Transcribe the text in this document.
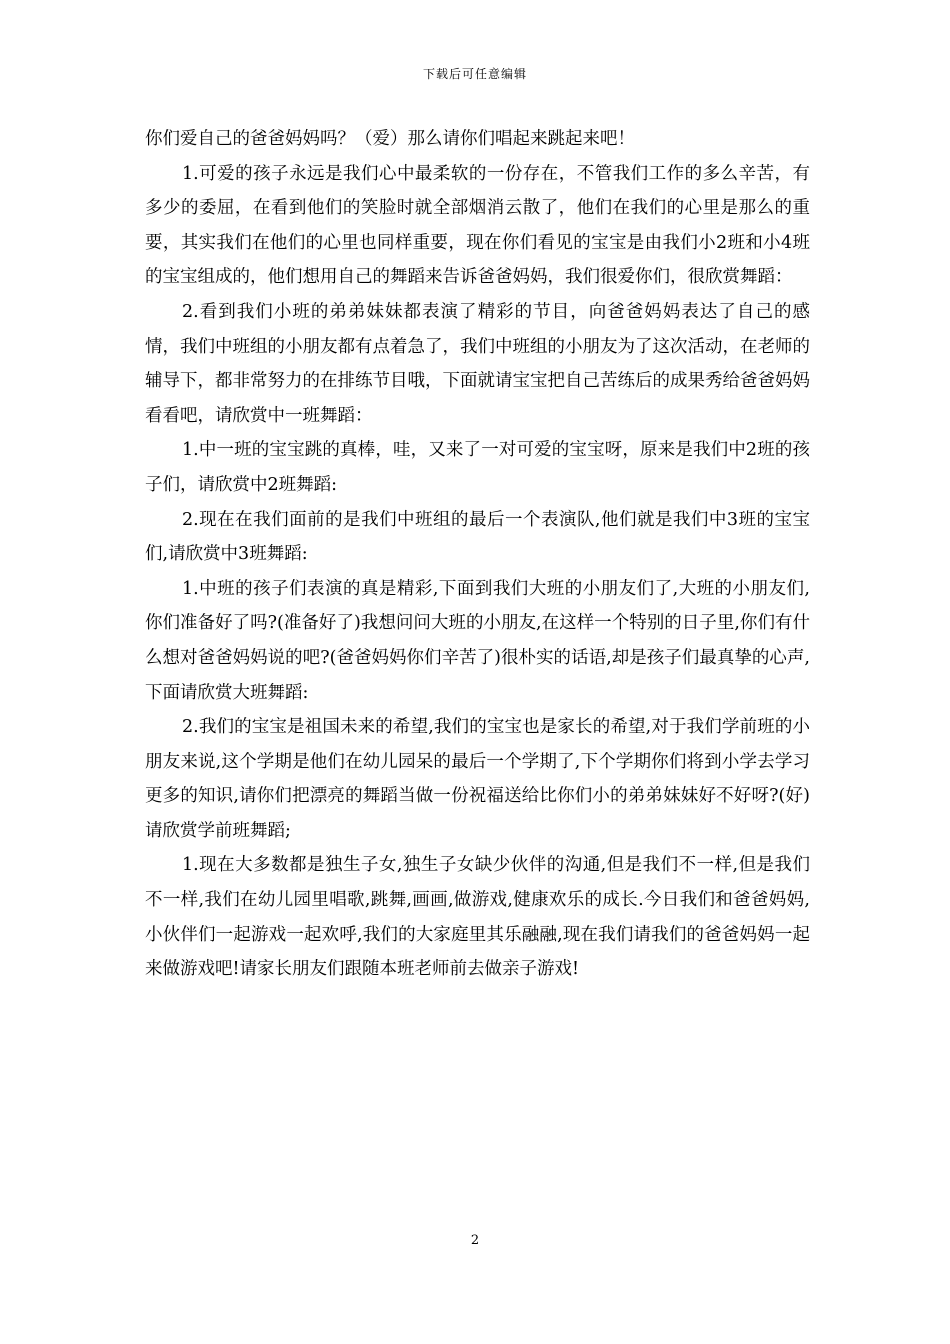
下载后可任意编辑

你们爱自己的爸爸妈妈吗？（爱）那么请你们唱起来跳起来吧！

1.可爱的孩子永远是我们心中最柔软的一份存在，不管我们工作的多么辛苦，有多少的委屈，在看到他们的笑脸时就全部烟消云散了，他们在我们的心里是那么的重要，其实我们在他们的心里也同样重要，现在你们看见的宝宝是由我们小2班和小4班的宝宝组成的，他们想用自己的舞蹈来告诉爸爸妈妈，我们很爱你们，很欣赏舞蹈：

2.看到我们小班的弟弟妹妹都表演了精彩的节目，向爸爸妈妈表达了自己的感情，我们中班组的小朋友都有点着急了，我们中班组的小朋友为了这次活动，在老师的辅导下，都非常努力的在排练节目哦，下面就请宝宝把自己苦练后的成果秀给爸爸妈妈看看吧，请欣赏中一班舞蹈：

1.中一班的宝宝跳的真棒，哇，又来了一对可爱的宝宝呀，原来是我们中2班的孩子们，请欣赏中2班舞蹈:

2.现在在我们面前的是我们中班组的最后一个表演队,他们就是我们中3班的宝宝们,请欣赏中3班舞蹈:

1.中班的孩子们表演的真是精彩,下面到我们大班的小朋友们了,大班的小朋友们,你们准备好了吗?(准备好了)我想问问大班的小朋友,在这样一个特别的日子里,你们有什么想对爸爸妈妈说的吧?(爸爸妈妈你们辛苦了)很朴实的话语,却是孩子们最真挚的心声,下面请欣赏大班舞蹈:

2.我们的宝宝是祖国未来的希望,我们的宝宝也是家长的希望,对于我们学前班的小朋友来说,这个学期是他们在幼儿园呆的最后一个学期了,下个学期你们将到小学去学习更多的知识,请你们把漂亮的舞蹈当做一份祝福送给比你们小的弟弟妹妹好不好呀?(好)请欣赏学前班舞蹈;

1.现在大多数都是独生子女,独生子女缺少伙伴的沟通,但是我们不一样,但是我们不一样,我们在幼儿园里唱歌,跳舞,画画,做游戏,健康欢乐的成长.今日我们和爸爸妈妈,小伙伴们一起游戏一起欢呼,我们的大家庭里其乐融融,现在我们请我们的爸爸妈妈一起来做游戏吧!请家长朋友们跟随本班老师前去做亲子游戏!

2
